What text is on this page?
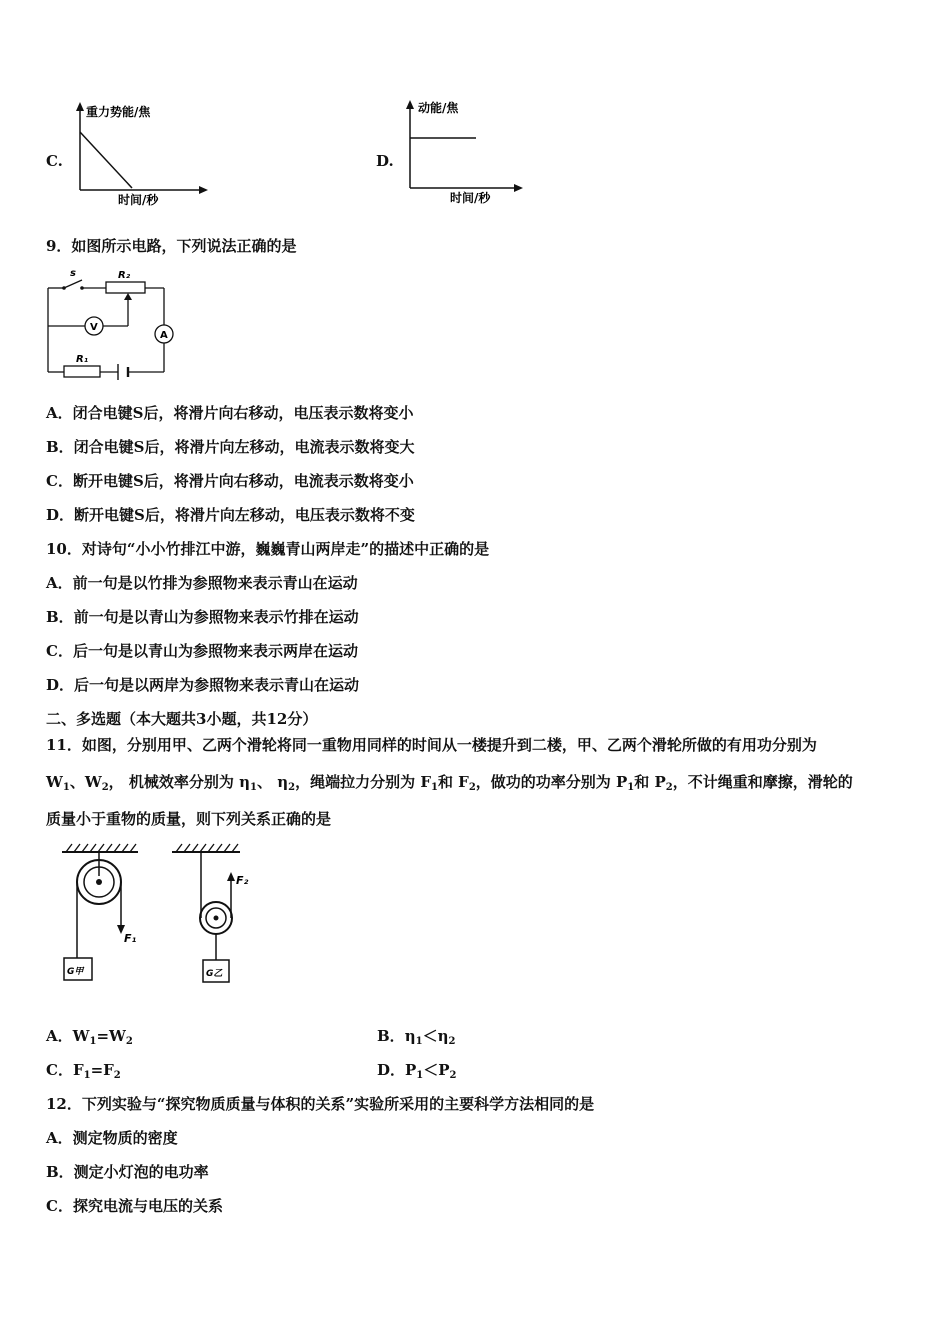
C.
重力势能/焦
时间/秒
D.
动能/焦
时间/秒
9．如图所示电路，下列说法正确的是
s	R₂
V
A
R₁
A．闭合电键S后，将滑片向右移动，电压表示数将变小
B．闭合电键S后，将滑片向左移动，电流表示数将变大
C．断开电键S后，将滑片向右移动，电流表示数将变小
D．断开电键S后，将滑片向左移动，电压表示数将不变
10．对诗句“小小竹排江中游，巍巍青山两岸走”的描述中正确的是
A．前一句是以竹排为参照物来表示青山在运动
B．前一句是以青山为参照物来表示竹排在运动
C．后一句是以青山为参照物来表示两岸在运动
D．后一句是以两岸为参照物来表示青山在运动
二、多选题（本大题共3小题，共12分）
11．如图，分别用甲、乙两个滑轮将同一重物用同样的时间从一楼提升到二楼，甲、乙两个滑轮所做的有用功分别为
$W_1$、$W_2$， 机械效率分别为 $\eta_1$、 $\eta_2$，绳端拉力分别为 $F_1$和 $F_2$，做功的功率分别为 $P_1$和 $P_2$，不计绳重和摩擦，滑轮的
质量小于重物的质量，则下列关系正确的是
F₁
G甲
F₂
G乙
A．$W_1=W_2$	B．$\eta_1<\eta_2$
C．$F_1=F_2$	D．$P_1<P_2$
12．下列实验与“探究物质质量与体积的关系”实验所采用的主要科学方法相同的是
A．测定物质的密度
B．测定小灯泡的电功率
C．探究电流与电压的关系
